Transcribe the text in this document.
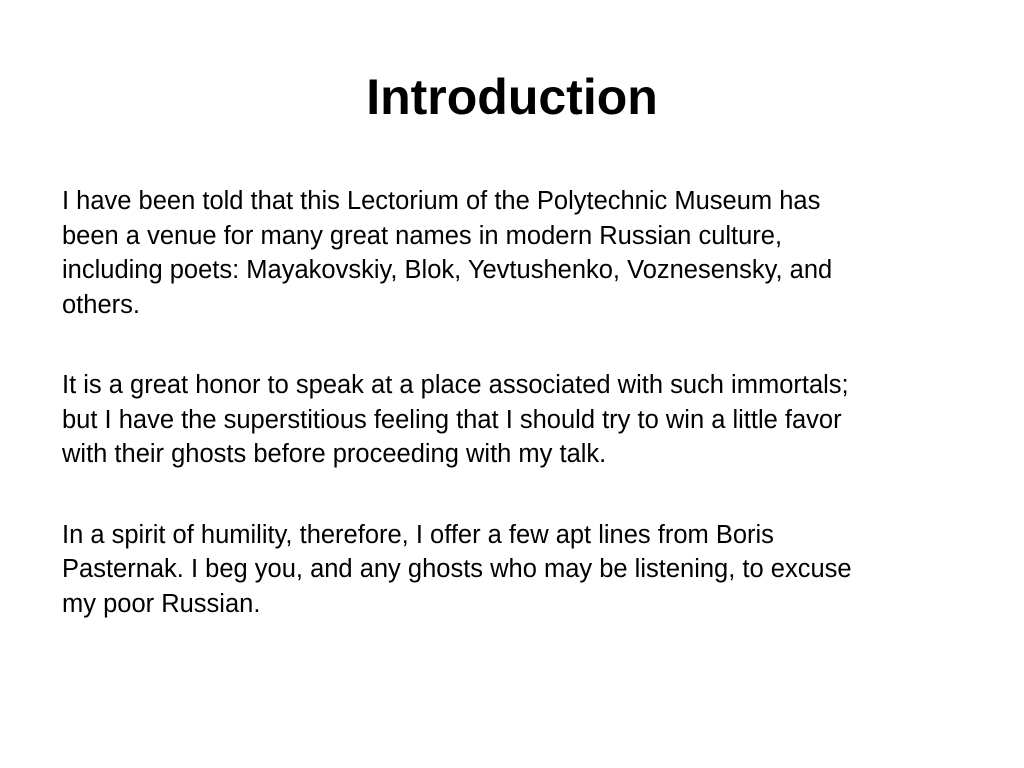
Introduction

I have been told that this Lectorium of the Polytechnic Museum has
been a venue for many great names in modern Russian culture,
including poets: Mayakovskiy, Blok, Yevtushenko, Voznesensky, and
others.

It is a great honor to speak at a place associated with such immortals;
but I have the superstitious feeling that I should try to win a little favor
with their ghosts before proceeding with my talk.

In a spirit of humility, therefore, I offer a few apt lines from Boris
Pasternak. I beg you, and any ghosts who may be listening, to excuse
my poor Russian.
